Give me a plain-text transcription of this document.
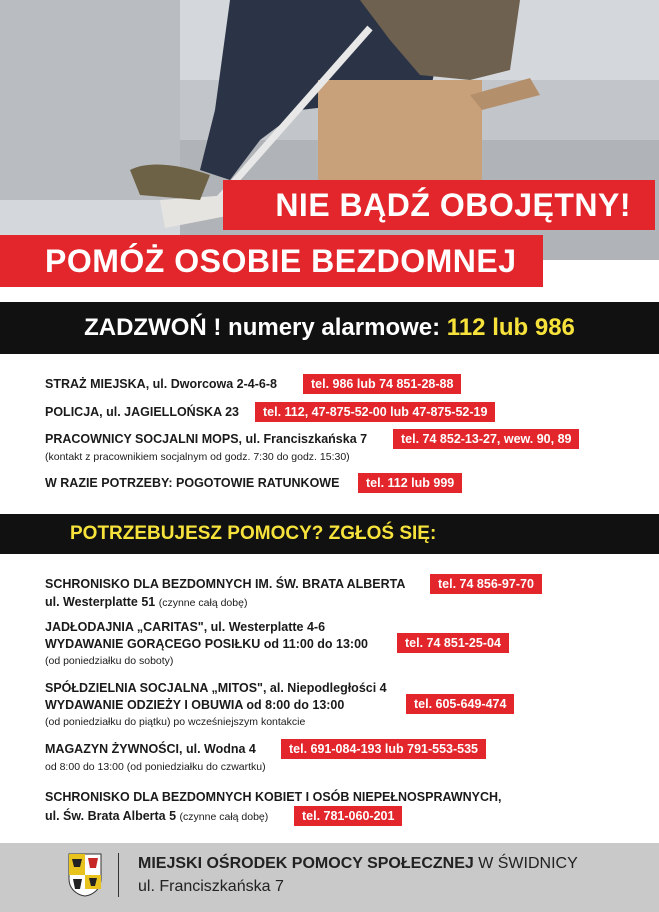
NIE BĄDŹ OBOJĘTNY!
POMÓŻ OSOBIE BEZDOMNEJ
ZADZWOŃ ! numery alarmowe:
112
lub
986
STRAŻ MIEJSKA, ul. Dworcowa 2-4-6-8	tel. 986 lub 74 851-28-88
POLICJA, ul. JAGIELLOŃSKA 23	tel. 112, 47-875-52-00 lub 47-875-52-19
PRACOWNICY SOCJALNI MOPS, ul. Franciszkańska 7	tel. 74 852-13-27, wew. 90, 89
(kontakt z pracownikiem socjalnym od godz. 7:30 do godz. 15:30)
W RAZIE POTRZEBY: POGOTOWIE RATUNKOWE	tel. 112 lub 999
POTRZEBUJESZ POMOCY? ZGŁOŚ SIĘ:
SCHRONISKO DLA BEZDOMNYCH IM. ŚW. BRATA ALBERTA	tel. 74 856-97-70
ul. Westerplatte 51 (czynne całą dobę)
JADŁODAJNIA „CARITAS", ul. Westerplatte 4-6
WYDAWANIE GORĄCEGO POSIŁKU od 11:00 do 13:00	tel. 74 851-25-04
(od poniedziałku do soboty)
SPÓŁDZIELNIA SOCJALNA „MITOS", al. Niepodległości 4
WYDAWANIE ODZIEŻY I OBUWIA od 8:00 do 13:00	tel. 605-649-474
(od poniedziałku do piątku) po wcześniejszym kontakcie
MAGAZYN ŻYWNOŚCI, ul. Wodna 4	tel. 691-084-193 lub 791-553-535
od 8:00 do 13:00 (od poniedziałku do czwartku)
SCHRONISKO DLA BEZDOMNYCH KOBIET I OSÓB NIEPEŁNOSPRAWNYCH,
ul. Św. Brata Alberta 5 (czynne całą dobę)	tel. 781-060-201
MIEJSKI OŚRODEK POMOCY SPOŁECZNEJ W ŚWIDNICY
ul. Franciszkańska 7
